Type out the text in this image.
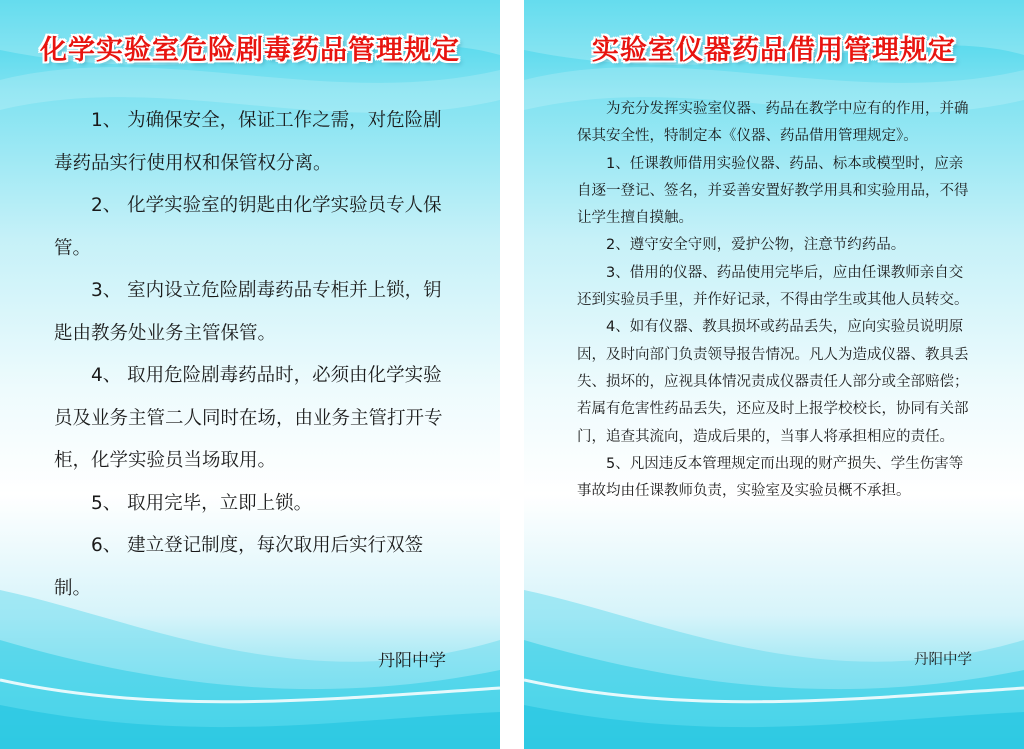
化学实验室危险剧毒药品管理规定

1、 为确保安全，保证工作之需，对危险剧毒药品实行使用权和保管权分离。

2、 化学实验室的钥匙由化学实验员专人保管。

3、 室内设立危险剧毒药品专柜并上锁，钥匙由教务处业务主管保管。

4、 取用危险剧毒药品时，必须由化学实验员及业务主管二人同时在场，由业务主管打开专柜，化学实验员当场取用。

5、 取用完毕，立即上锁。

6、 建立登记制度，每次取用后实行双签制。

丹阳中学
实验室仪器药品借用管理规定

为充分发挥实验室仪器、药品在教学中应有的作用，并确保其安全性，特制定本《仪器、药品借用管理规定》。

1、任课教师借用实验仪器、药品、标本或模型时，应亲自逐一登记、签名，并妥善安置好教学用具和实验用品，不得让学生擅自摸触。

2、遵守安全守则，爱护公物，注意节约药品。

3、借用的仪器、药品使用完毕后，应由任课教师亲自交还到实验员手里，并作好记录，不得由学生或其他人员转交。

4、如有仪器、教具损坏或药品丢失，应向实验员说明原因，及时向部门负责领导报告情况。凡人为造成仪器、教具丢失、损坏的，应视具体情况责成仪器责任人部分或全部赔偿；若属有危害性药品丢失，还应及时上报学校校长，协同有关部门，追查其流向，造成后果的，当事人将承担相应的责任。

5、凡因违反本管理规定而出现的财产损失、学生伤害等事故均由任课教师负责，实验室及实验员概不承担。

丹阳中学
